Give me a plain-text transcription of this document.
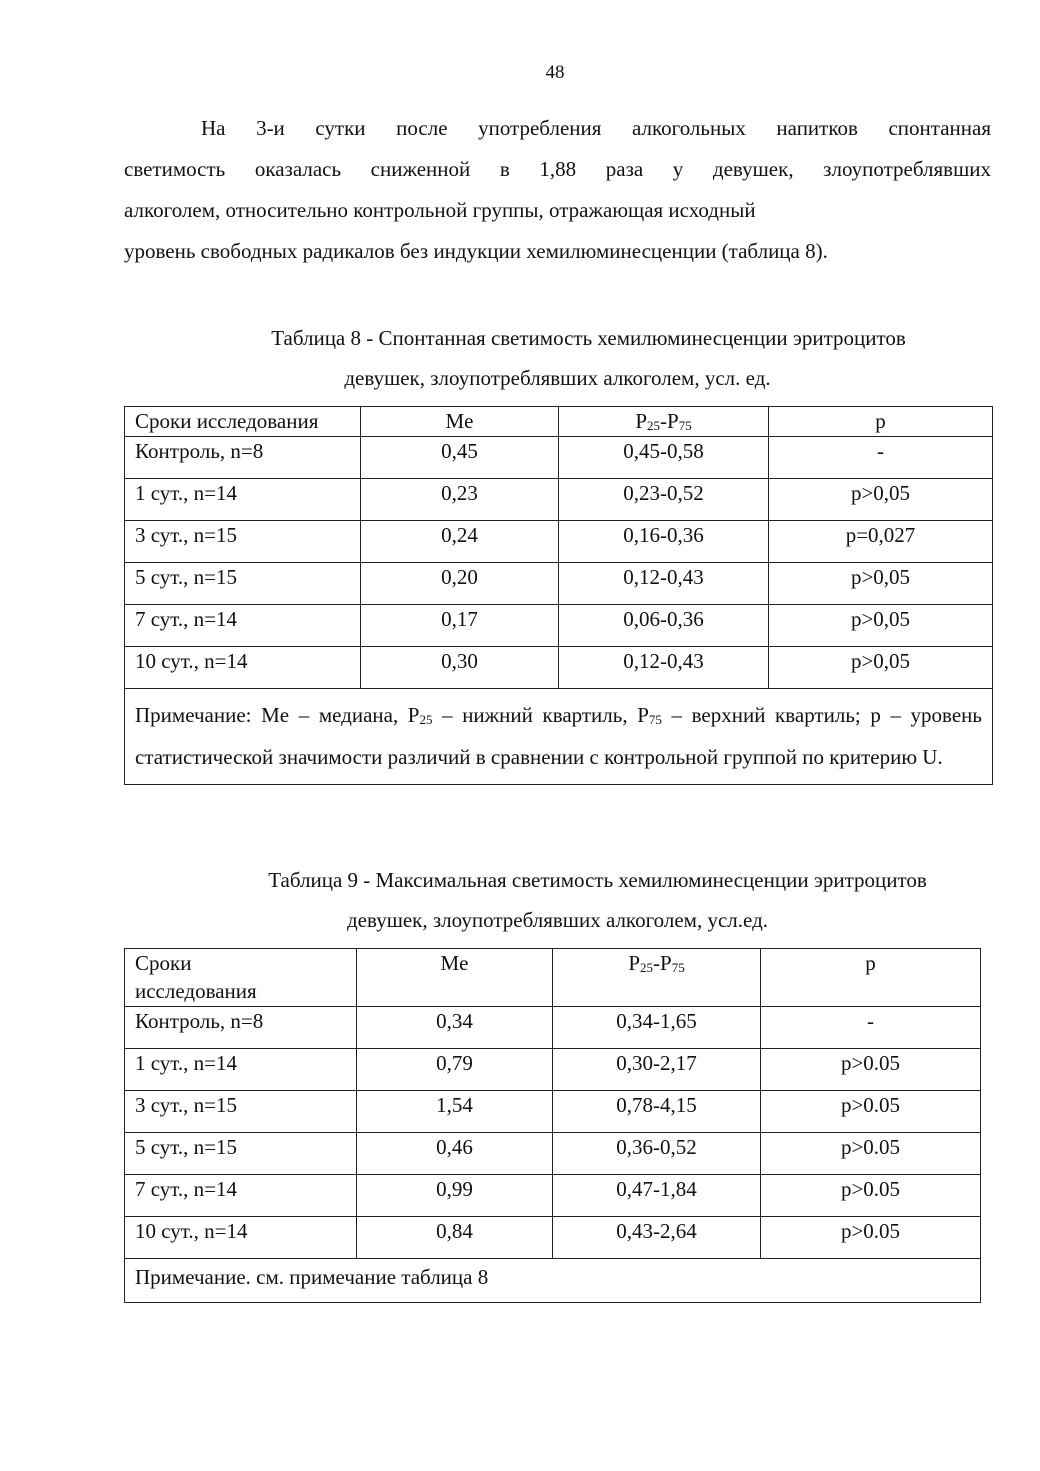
48
На 3-и сутки после употребления алкогольных напитков спонтанная
светимость оказалась сниженной в 1,88 раза у девушек, злоупотреблявших
алкоголем, относительно контрольной группы, отражающая исходный
уровень свободных радикалов без индукции хемилюминесценции (таблица 8).
Таблица 8 - Спонтанная светимость хемилюминесценции эритроцитов
девушек, злоупотреблявших алкоголем, усл. ед.
Сроки исследования	Me	$P_{25}-P_{75}$	p
Контроль, n=8	0,45	0,45-0,58	-
1 сут., n=14	0,23	0,23-0,52	p>0,05
3 сут., n=15	0,24	0,16-0,36	p=0,027
5 сут., n=15	0,20	0,12-0,43	p>0,05
7 сут., n=14	0,17	0,06-0,36	p>0,05
10 сут., n=14	0,30	0,12-0,43	p>0,05
Примечание: Me – медиана, $P_{25}$ – нижний квартиль, $P_{75}$ – верхний квартиль; р – уровень статистической значимости различий в сравнении с контрольной группой по критерию U.			
Таблица 9 - Максимальная светимость хемилюминесценции эритроцитов
девушек, злоупотреблявших алкоголем, усл.ед.
Сроки
исследования	Me	$P_{25}-P_{75}$	р
Контроль, n=8	0,34	0,34-1,65	-
1 сут., n=14	0,79	0,30-2,17	p>0.05
3 сут., n=15	1,54	0,78-4,15	p>0.05
5 сут., n=15	0,46	0,36-0,52	p>0.05
7 сут., n=14	0,99	0,47-1,84	p>0.05
10 сут., n=14	0,84	0,43-2,64	p>0.05
Примечание. см. примечание таблица 8			
